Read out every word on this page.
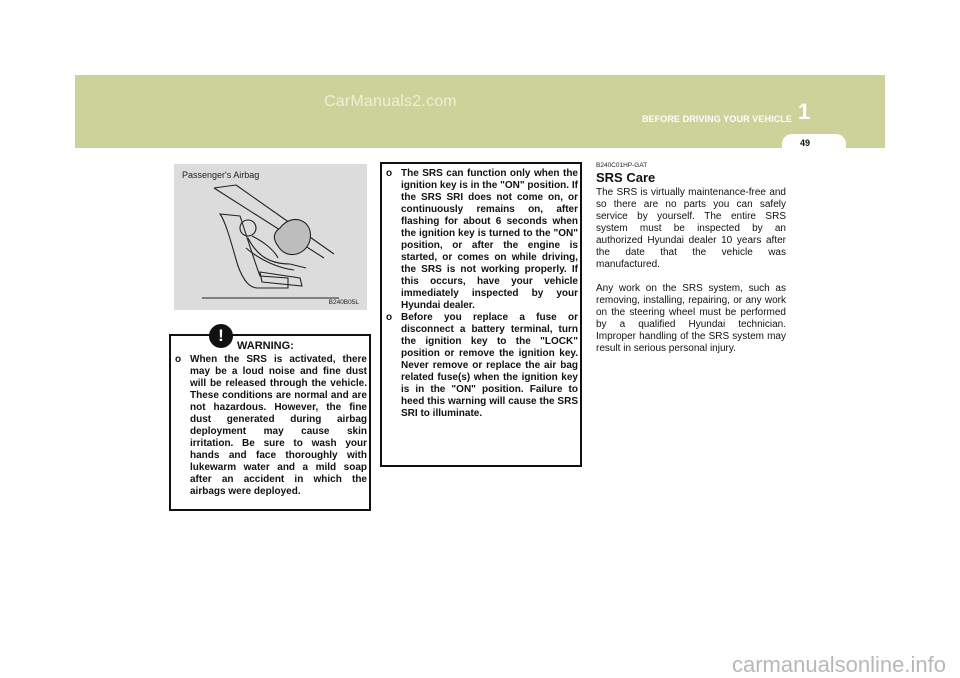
CarManuals2.com
BEFORE DRIVING YOUR VEHICLE 1
49
Passenger's Airbag
B240B05L
!
WARNING:
o When the SRS is activated, there may be a loud noise and fine dust will be released through the vehicle. These conditions are normal and are not hazardous. However, the fine dust generated during airbag deployment may cause skin irritation. Be sure to wash your hands and face thoroughly with lukewarm water and a mild soap after an accident in which the airbags were deployed.
o The SRS can function only when the ignition key is in the "ON" position. If the SRS SRI does not come on, or continuously remains on, after flashing for about 6 seconds when the ignition key is turned to the "ON" position, or after the engine is started, or comes on while driving, the SRS is not working properly. If this occurs, have your vehicle immediately inspected by your Hyundai dealer.
o Before you replace a fuse or disconnect a battery terminal, turn the ignition key to the "LOCK" position or remove the ignition key. Never remove or replace the air bag related fuse(s) when the ignition key is in the "ON" position. Failure to heed this warning will cause the SRS SRI to illuminate.
B240C01HP-GAT
SRS Care

The SRS is virtually maintenance-free and so there are no parts you can safely service by yourself. The entire SRS system must be inspected by an authorized Hyundai dealer 10 years after the date that the vehicle was manufactured.

Any work on the SRS system, such as removing, installing, repairing, or any work on the steering wheel must be performed by a qualified Hyundai technician. Improper handling of the SRS system may result in serious personal injury.

carmanualsonline.info
